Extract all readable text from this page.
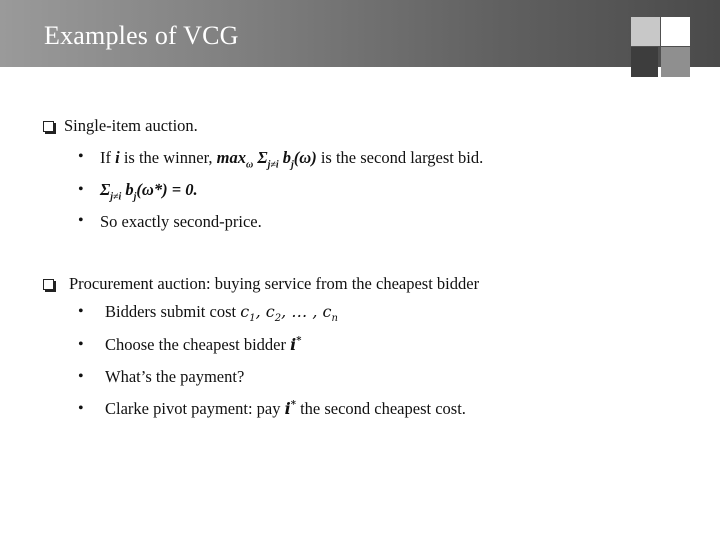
Examples of VCG
Single-item auction.
• If i is the winner, $\max_\omega \Sigma_{j\ne i}$ $b_j(\omega)$ is the second largest bid.
• $\Sigma_{j\ne i}$ $b_j(\omega*) = 0$.
• So exactly second-price.
Procurement auction: buying service from the cheapest bidder
• Bidders submit cost $c_1$, $c_2$, … , $c_n$
• Choose the cheapest bidder i*
• What’s the payment?
• Clarke pivot payment: pay i* the second cheapest cost.
